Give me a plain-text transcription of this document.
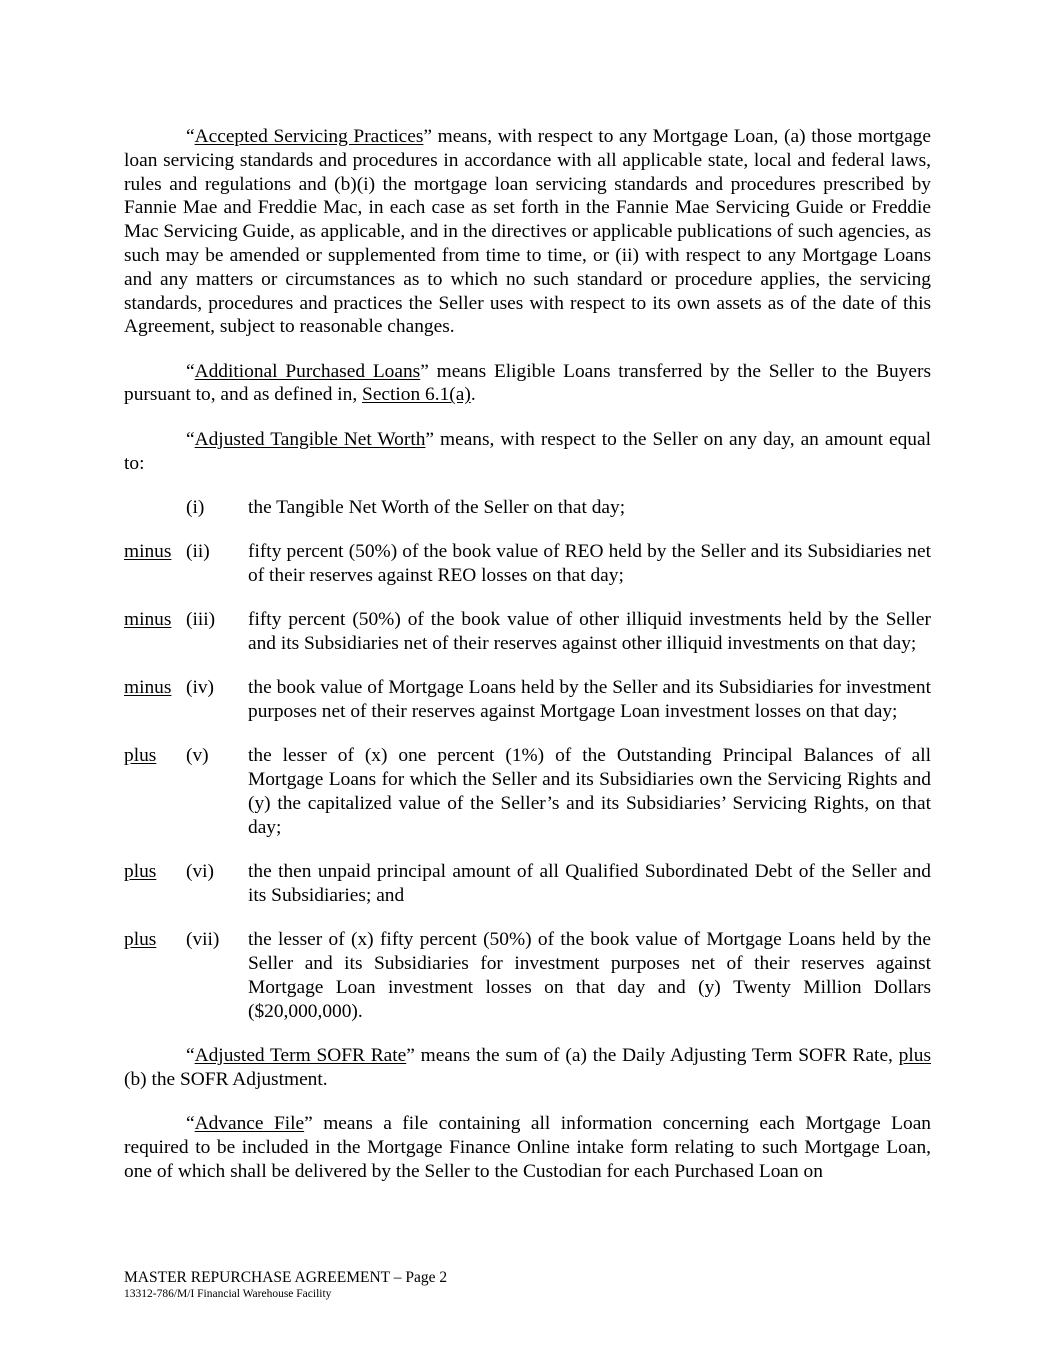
“Accepted Servicing Practices” means, with respect to any Mortgage Loan, (a) those mortgage loan servicing standards and procedures in accordance with all applicable state, local and federal laws, rules and regulations and (b)(i) the mortgage loan servicing standards and procedures prescribed by Fannie Mae and Freddie Mac, in each case as set forth in the Fannie Mae Servicing Guide or Freddie Mac Servicing Guide, as applicable, and in the directives or applicable publications of such agencies, as such may be amended or supplemented from time to time, or (ii) with respect to any Mortgage Loans and any matters or circumstances as to which no such standard or procedure applies, the servicing standards, procedures and practices the Seller uses with respect to its own assets as of the date of this Agreement, subject to reasonable changes.

“Additional Purchased Loans” means Eligible Loans transferred by the Seller to the Buyers pursuant to, and as defined in, Section 6.1(a).

“Adjusted Tangible Net Worth” means, with respect to the Seller on any day, an amount equal to:

(i) the Tangible Net Worth of the Seller on that day;
minus (ii) fifty percent (50%) of the book value of REO held by the Seller and its Subsidiaries net of their reserves against REO losses on that day;
minus (iii) fifty percent (50%) of the book value of other illiquid investments held by the Seller and its Subsidiaries net of their reserves against other illiquid investments on that day;
minus (iv) the book value of Mortgage Loans held by the Seller and its Subsidiaries for investment purposes net of their reserves against Mortgage Loan investment losses on that day;
plus (v) the lesser of (x) one percent (1%) of the Outstanding Principal Balances of all Mortgage Loans for which the Seller and its Subsidiaries own the Servicing Rights and (y) the capitalized value of the Seller’s and its Subsidiaries’ Servicing Rights, on that day;
plus (vi) the then unpaid principal amount of all Qualified Subordinated Debt of the Seller and its Subsidiaries; and
plus (vii) the lesser of (x) fifty percent (50%) of the book value of Mortgage Loans held by the Seller and its Subsidiaries for investment purposes net of their reserves against Mortgage Loan investment losses on that day and (y) Twenty Million Dollars ($20,000,000).

“Adjusted Term SOFR Rate” means the sum of (a) the Daily Adjusting Term SOFR Rate, plus (b) the SOFR Adjustment.

“Advance File” means a file containing all information concerning each Mortgage Loan required to be included in the Mortgage Finance Online intake form relating to such Mortgage Loan, one of which shall be delivered by the Seller to the Custodian for each Purchased Loan on

MASTER REPURCHASE AGREEMENT – Page 2
13312-786/M/I Financial Warehouse Facility
